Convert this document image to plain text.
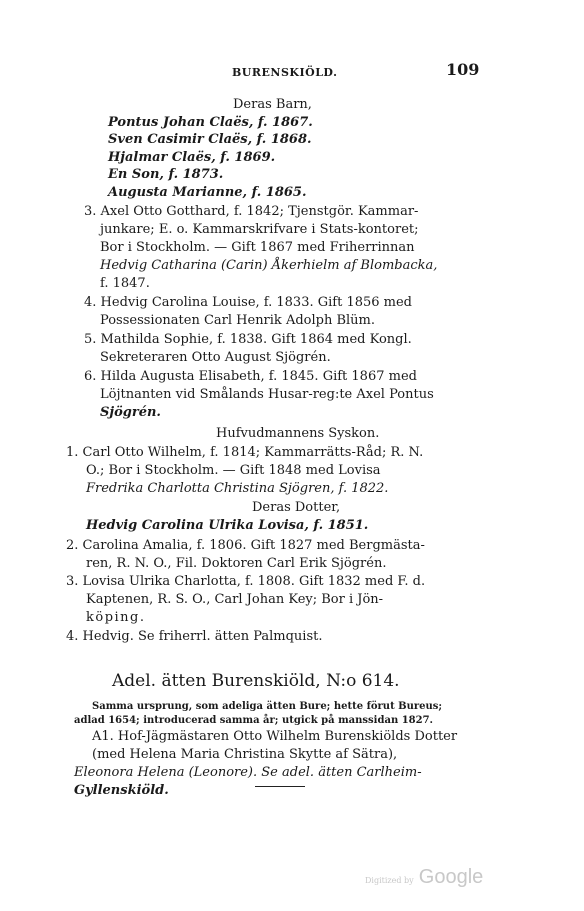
BURENSKIÖLD.	109
Deras Barn,
Pontus Johan Claës, f. 1867.
Sven Casimir Claës, f. 1868.
Hjalmar Claës, f. 1869.
En Son, f. 1873.
Augusta Marianne, f. 1865.
3. Axel Otto Gotthard, f. 1842; Tjenstgör. Kammar-
junkare; E. o. Kammarskrifvare i Stats-kontoret;
Bor i Stockholm. — Gift 1867 med Friherrinnan
Hedvig Catharina (Carin) Åkerhielm af Blombacka,
f. 1847.
4. Hedvig Carolina Louise, f. 1833. Gift 1856 med
Possessionaten Carl Henrik Adolph Blüm.
5. Mathilda Sophie, f. 1838. Gift 1864 med Kongl.
Sekreteraren Otto August Sjögrén.
6. Hilda Augusta Elisabeth, f. 1845. Gift 1867 med
Löjtnanten vid Smålands Husar-reg:te Axel Pontus
Sjögrén.
Hufvudmannens Syskon.
1. Carl Otto Wilhelm, f. 1814; Kammarrätts-Råd; R. N.
O.; Bor i Stockholm. — Gift 1848 med Lovisa
Fredrika Charlotta Christina Sjögren, f. 1822.
Deras Dotter,
Hedvig Carolina Ulrika Lovisa, f. 1851.
2. Carolina Amalia, f. 1806. Gift 1827 med Bergmästa-
ren, R. N. O., Fil. Doktoren Carl Erik Sjögrén.
3. Lovisa Ulrika Charlotta, f. 1808. Gift 1832 med F. d.
Kaptenen, R. S. O., Carl Johan Key; Bor i Jön-
köping.
4. Hedvig. Se friherrl. ätten Palmquist.
Adel. ätten Burenskiöld, N:o 614.
Samma ursprung, som adeliga ätten Bure; hette förut Bureus;
adlad 1654; introducerad samma år; utgick på manssidan 1827.
A1. Hof-Jägmästaren Otto Wilhelm Burenskiölds Dotter
(med Helena Maria Christina Skytte af Sätra),
Eleonora Helena (Leonore). Se adel. ätten Carlheim-
Gyllenskiöld.
Digitized by Google
